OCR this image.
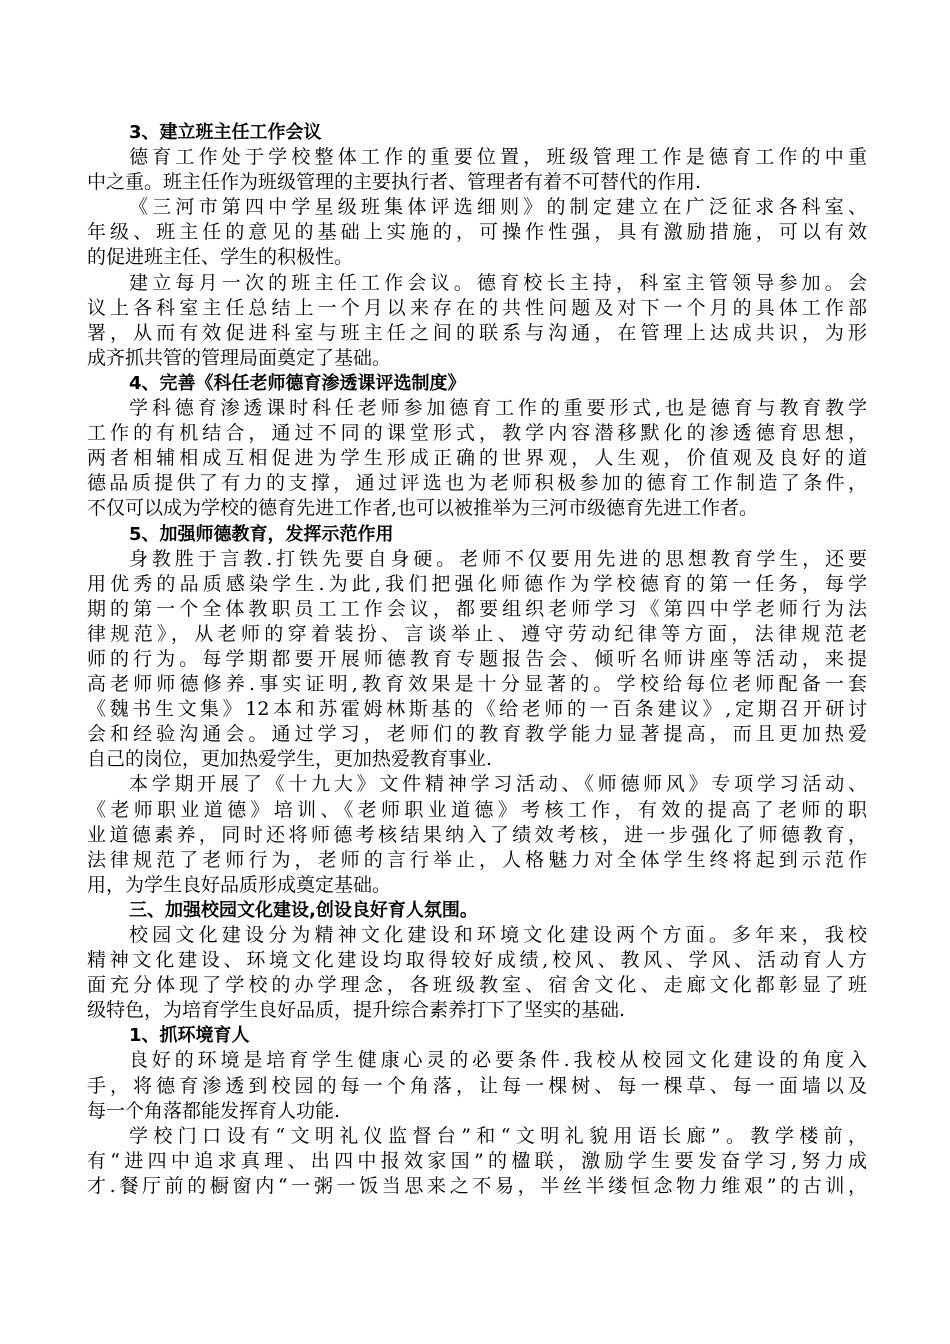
3、建立班主任工作会议
德育工作处于学校整体工作的重要位置，班级管理工作是德育工作的中重
中之重。班主任作为班级管理的主要执行者、管理者有着不可替代的作用.
《三河市第四中学星级班集体评选细则》的制定建立在广泛征求各科室、
年级、班主任的意见的基础上实施的，可操作性强，具有激励措施，可以有效
的促进班主任、学生的积极性。
建立每月一次的班主任工作会议。德育校长主持，科室主管领导参加。会
议上各科室主任总结上一个月以来存在的共性问题及对下一个月的具体工作部
署，从而有效促进科室与班主任之间的联系与沟通，在管理上达成共识，为形
成齐抓共管的管理局面奠定了基础。
4、完善《科任老师德育渗透课评选制度》
学科德育渗透课时科任老师参加德育工作的重要形式,也是德育与教育教学
工作的有机结合，通过不同的课堂形式，教学内容潜移默化的渗透德育思想，
两者相辅相成互相促进为学生形成正确的世界观，人生观，价值观及良好的道
德品质提供了有力的支撑，通过评选也为老师积极参加的德育工作制造了条件，
不仅可以成为学校的德育先进工作者,也可以被推举为三河市级德育先进工作者。
5、加强师德教育，发挥示范作用
身教胜于言教.打铁先要自身硬。老师不仅要用先进的思想教育学生，还要
用优秀的品质感染学生.为此,我们把强化师德作为学校德育的第一任务，每学
期的第一个全体教职员工工作会议，都要组织老师学习《第四中学老师行为法
律规范》，从老师的穿着装扮、言谈举止、遵守劳动纪律等方面，法律规范老
师的行为。每学期都要开展师德教育专题报告会、倾听名师讲座等活动，来提
高老师师德修养.事实证明,教育效果是十分显著的。学校给每位老师配备一套
《魏书生文集》12本和苏霍姆林斯基的《给老师的一百条建议》,定期召开研讨
会和经验沟通会。通过学习，老师们的教育教学能力显著提高，而且更加热爱
自己的岗位，更加热爱学生，更加热爱教育事业.
本学期开展了《十九大》文件精神学习活动、《师德师风》专项学习活动、
《老师职业道德》培训、《老师职业道德》考核工作，有效的提高了老师的职
业道德素养，同时还将师德考核结果纳入了绩效考核，进一步强化了师德教育，
法律规范了老师行为，老师的言行举止，人格魅力对全体学生终将起到示范作
用，为学生良好品质形成奠定基础。
三、加强校园文化建设,创设良好育人氛围。
校园文化建设分为精神文化建设和环境文化建设两个方面。多年来，我校
精神文化建设、环境文化建设均取得较好成绩,校风、教风、学风、活动育人方
面充分体现了学校的办学理念，各班级教室、宿舍文化、走廊文化都彰显了班
级特色，为培育学生良好品质，提升综合素养打下了坚实的基础.
1、抓环境育人
良好的环境是培育学生健康心灵的必要条件.我校从校园文化建设的角度入
手，将德育渗透到校园的每一个角落，让每一棵树、每一棵草、每一面墙以及
每一个角落都能发挥育人功能.
学校门口设有“文明礼仪监督台”和“文明礼貌用语长廊”。教学楼前，
有“进四中追求真理、出四中报效家国”的楹联，激励学生要发奋学习,努力成
才.餐厅前的橱窗内“一粥一饭当思来之不易，半丝半缕恒念物力维艰”的古训，
